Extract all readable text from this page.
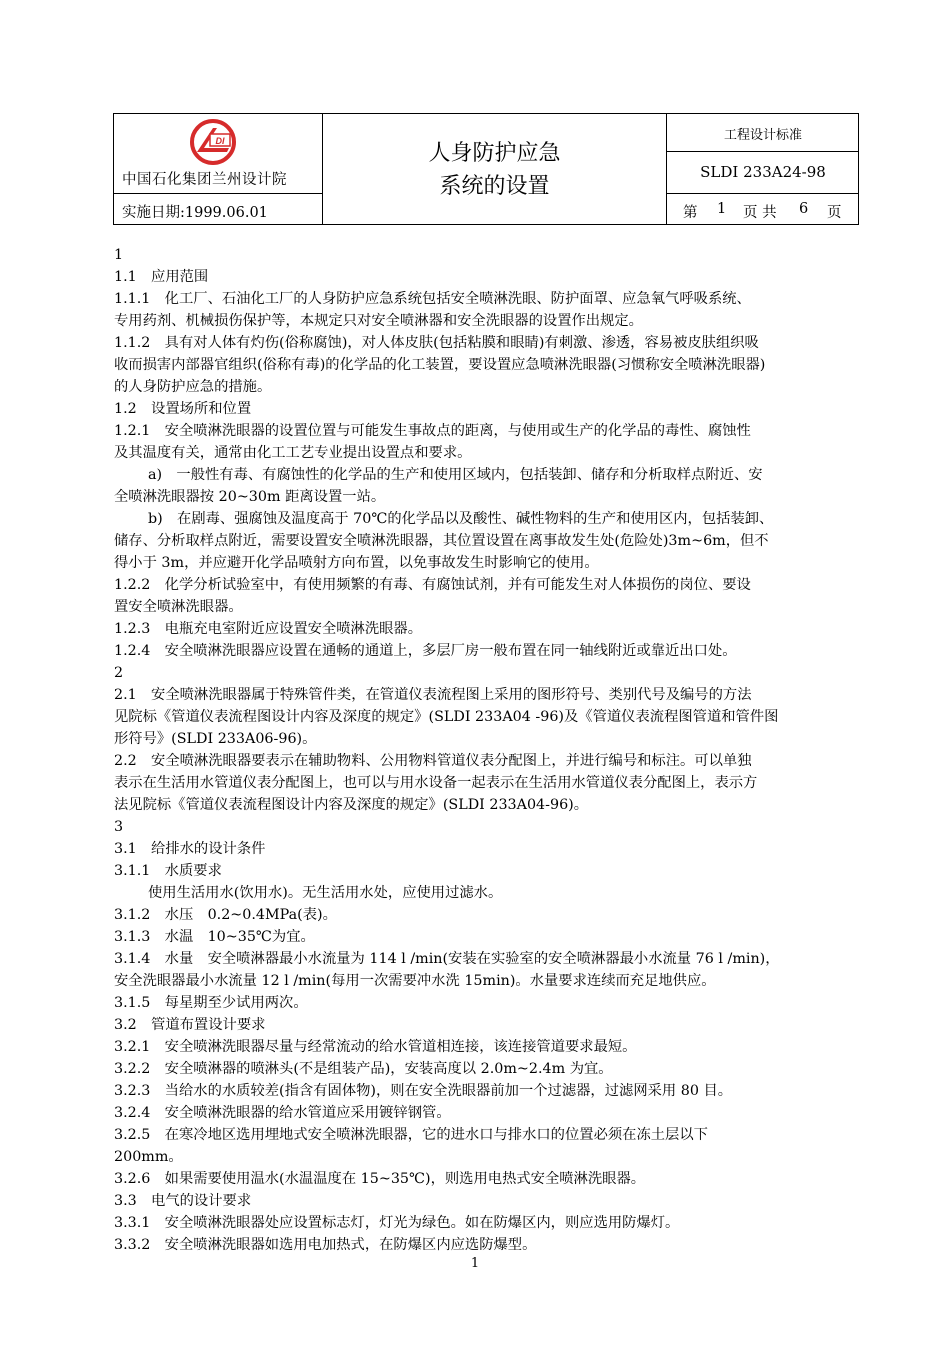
DI
中国石化集团兰州设计院
实施日期:1999.06.01
人身防护应急
系统的设置
工程设计标准
SLDI 233A24-98
第 1 页 共 6 页

1

1.1　应用范围

1.1.1　化工厂、石油化工厂的人身防护应急系统包括安全喷淋洗眼、防护面罩、应急氧气呼吸系统、

专用药剂、机械损伤保护等，本规定只对安全喷淋器和安全洗眼器的设置作出规定。

1.1.2　具有对人体有灼伤(俗称腐蚀)，对人体皮肤(包括粘膜和眼睛)有刺激、渗透，容易被皮肤组织吸

收而损害内部器官组织(俗称有毒)的化学品的化工装置，要设置应急喷淋洗眼器(习惯称安全喷淋洗眼器)

的人身防护应急的措施。

1.2　设置场所和位置

1.2.1　安全喷淋洗眼器的设置位置与可能发生事故点的距离，与使用或生产的化学品的毒性、腐蚀性

及其温度有关，通常由化工工艺专业提出设置点和要求。

a)　一般性有毒、有腐蚀性的化学品的生产和使用区域内，包括装卸、储存和分析取样点附近、安

全喷淋洗眼器按 20~30m 距离设置一站。

b)　在剧毒、强腐蚀及温度高于 70℃的化学品以及酸性、碱性物料的生产和使用区内，包括装卸、

储存、分析取样点附近，需要设置安全喷淋洗眼器，其位置设置在离事故发生处(危险处)3m~6m，但不

得小于 3m，并应避开化学品喷射方向布置，以免事故发生时影响它的使用。

1.2.2　化学分析试验室中，有使用频繁的有毒、有腐蚀试剂，并有可能发生对人体损伤的岗位、要设

置安全喷淋洗眼器。

1.2.3　电瓶充电室附近应设置安全喷淋洗眼器。

1.2.4　安全喷淋洗眼器应设置在通畅的通道上，多层厂房一般布置在同一轴线附近或靠近出口处。

2

2.1　安全喷淋洗眼器属于特殊管件类，在管道仪表流程图上采用的图形符号、类别代号及编号的方法

见院标《管道仪表流程图设计内容及深度的规定》(SLDI 233A04 -96)及《管道仪表流程图管道和管件图

形符号》(SLDI 233A06-96)。

2.2　安全喷淋洗眼器要表示在辅助物料、公用物料管道仪表分配图上，并进行编号和标注。可以单独

表示在生活用水管道仪表分配图上，也可以与用水设备一起表示在生活用水管道仪表分配图上，表示方

法见院标《管道仪表流程图设计内容及深度的规定》(SLDI 233A04-96)。

3

3.1　给排水的设计条件

3.1.1　水质要求

使用生活用水(饮用水)。无生活用水处，应使用过滤水。

3.1.2　水压　0.2~0.4MPa(表)。

3.1.3　水温　10~35℃为宜。

3.1.4　水量　安全喷淋器最小水流量为 114 l /min(安装在实验室的安全喷淋器最小水流量 76 l /min)，

安全洗眼器最小水流量 12 l /min(每用一次需要冲水洗 15min)。水量要求连续而充足地供应。

3.1.5　每星期至少试用两次。

3.2　管道布置设计要求

3.2.1　安全喷淋洗眼器尽量与经常流动的给水管道相连接，该连接管道要求最短。

3.2.2　安全喷淋器的喷淋头(不是组装产品)，安装高度以 2.0m~2.4m 为宜。

3.2.3　当给水的水质较差(指含有固体物)，则在安全洗眼器前加一个过滤器，过滤网采用 80 目。

3.2.4　安全喷淋洗眼器的给水管道应采用镀锌钢管。

3.2.5　在寒冷地区选用埋地式安全喷淋洗眼器，它的进水口与排水口的位置必须在冻土层以下

200mm。

3.2.6　如果需要使用温水(水温温度在 15~35℃)，则选用电热式安全喷淋洗眼器。

3.3　电气的设计要求

3.3.1　安全喷淋洗眼器处应设置标志灯，灯光为绿色。如在防爆区内，则应选用防爆灯。

3.3.2　安全喷淋洗眼器如选用电加热式，在防爆区内应选防爆型。

1
